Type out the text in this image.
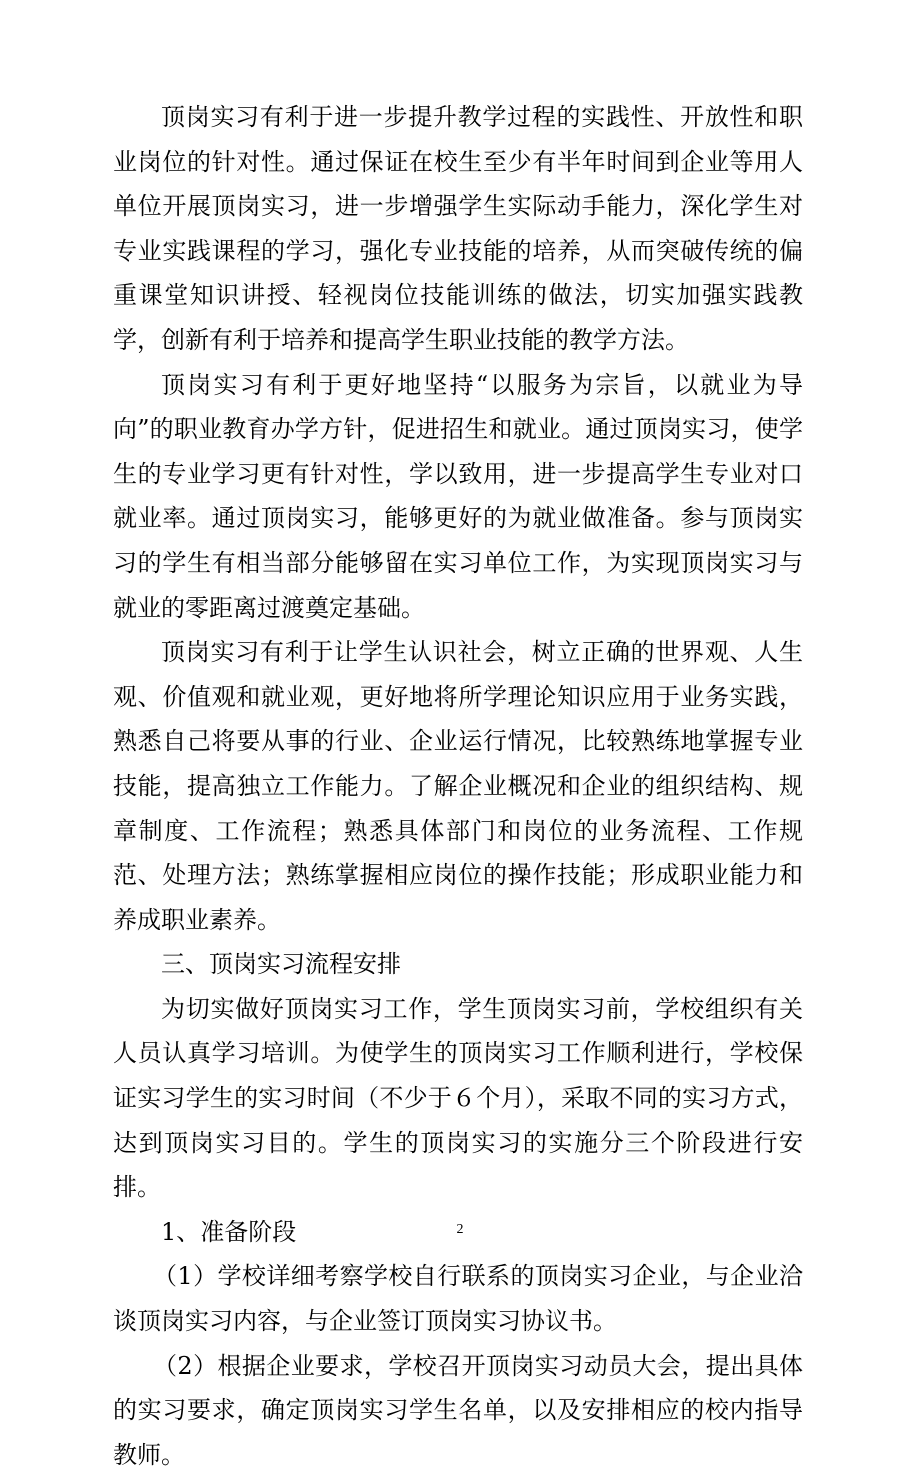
顶岗实习有利于进一步提升教学过程的实践性、开放性和职业岗位的针对性。通过保证在校生至少有半年时间到企业等用人单位开展顶岗实习，进一步增强学生实际动手能力，深化学生对专业实践课程的学习，强化专业技能的培养，从而突破传统的偏重课堂知识讲授、轻视岗位技能训练的做法，切实加强实践教学，创新有利于培养和提高学生职业技能的教学方法。

顶岗实习有利于更好地坚持“以服务为宗旨，以就业为导向”的职业教育办学方针，促进招生和就业。通过顶岗实习，使学生的专业学习更有针对性，学以致用，进一步提高学生专业对口就业率。通过顶岗实习，能够更好的为就业做准备。参与顶岗实习的学生有相当部分能够留在实习单位工作，为实现顶岗实习与就业的零距离过渡奠定基础。

顶岗实习有利于让学生认识社会，树立正确的世界观、人生观、价值观和就业观，更好地将所学理论知识应用于业务实践，熟悉自己将要从事的行业、企业运行情况，比较熟练地掌握专业技能，提高独立工作能力。了解企业概况和企业的组织结构、规章制度、工作流程；熟悉具体部门和岗位的业务流程、工作规范、处理方法；熟练掌握相应岗位的操作技能；形成职业能力和养成职业素养。

三、顶岗实习流程安排

为切实做好顶岗实习工作，学生顶岗实习前，学校组织有关人员认真学习培训。为使学生的顶岗实习工作顺利进行，学校保证实习学生的实习时间（不少于６个月），采取不同的实习方式，达到顶岗实习目的。学生的顶岗实习的实施分三个阶段进行安排。

1、准备阶段

（1）学校详细考察学校自行联系的顶岗实习企业，与企业洽谈顶岗实习内容，与企业签订顶岗实习协议书。

（2）根据企业要求，学校召开顶岗实习动员大会，提出具体的实习要求，确定顶岗实习学生名单，以及安排相应的校内指导教师。

2
